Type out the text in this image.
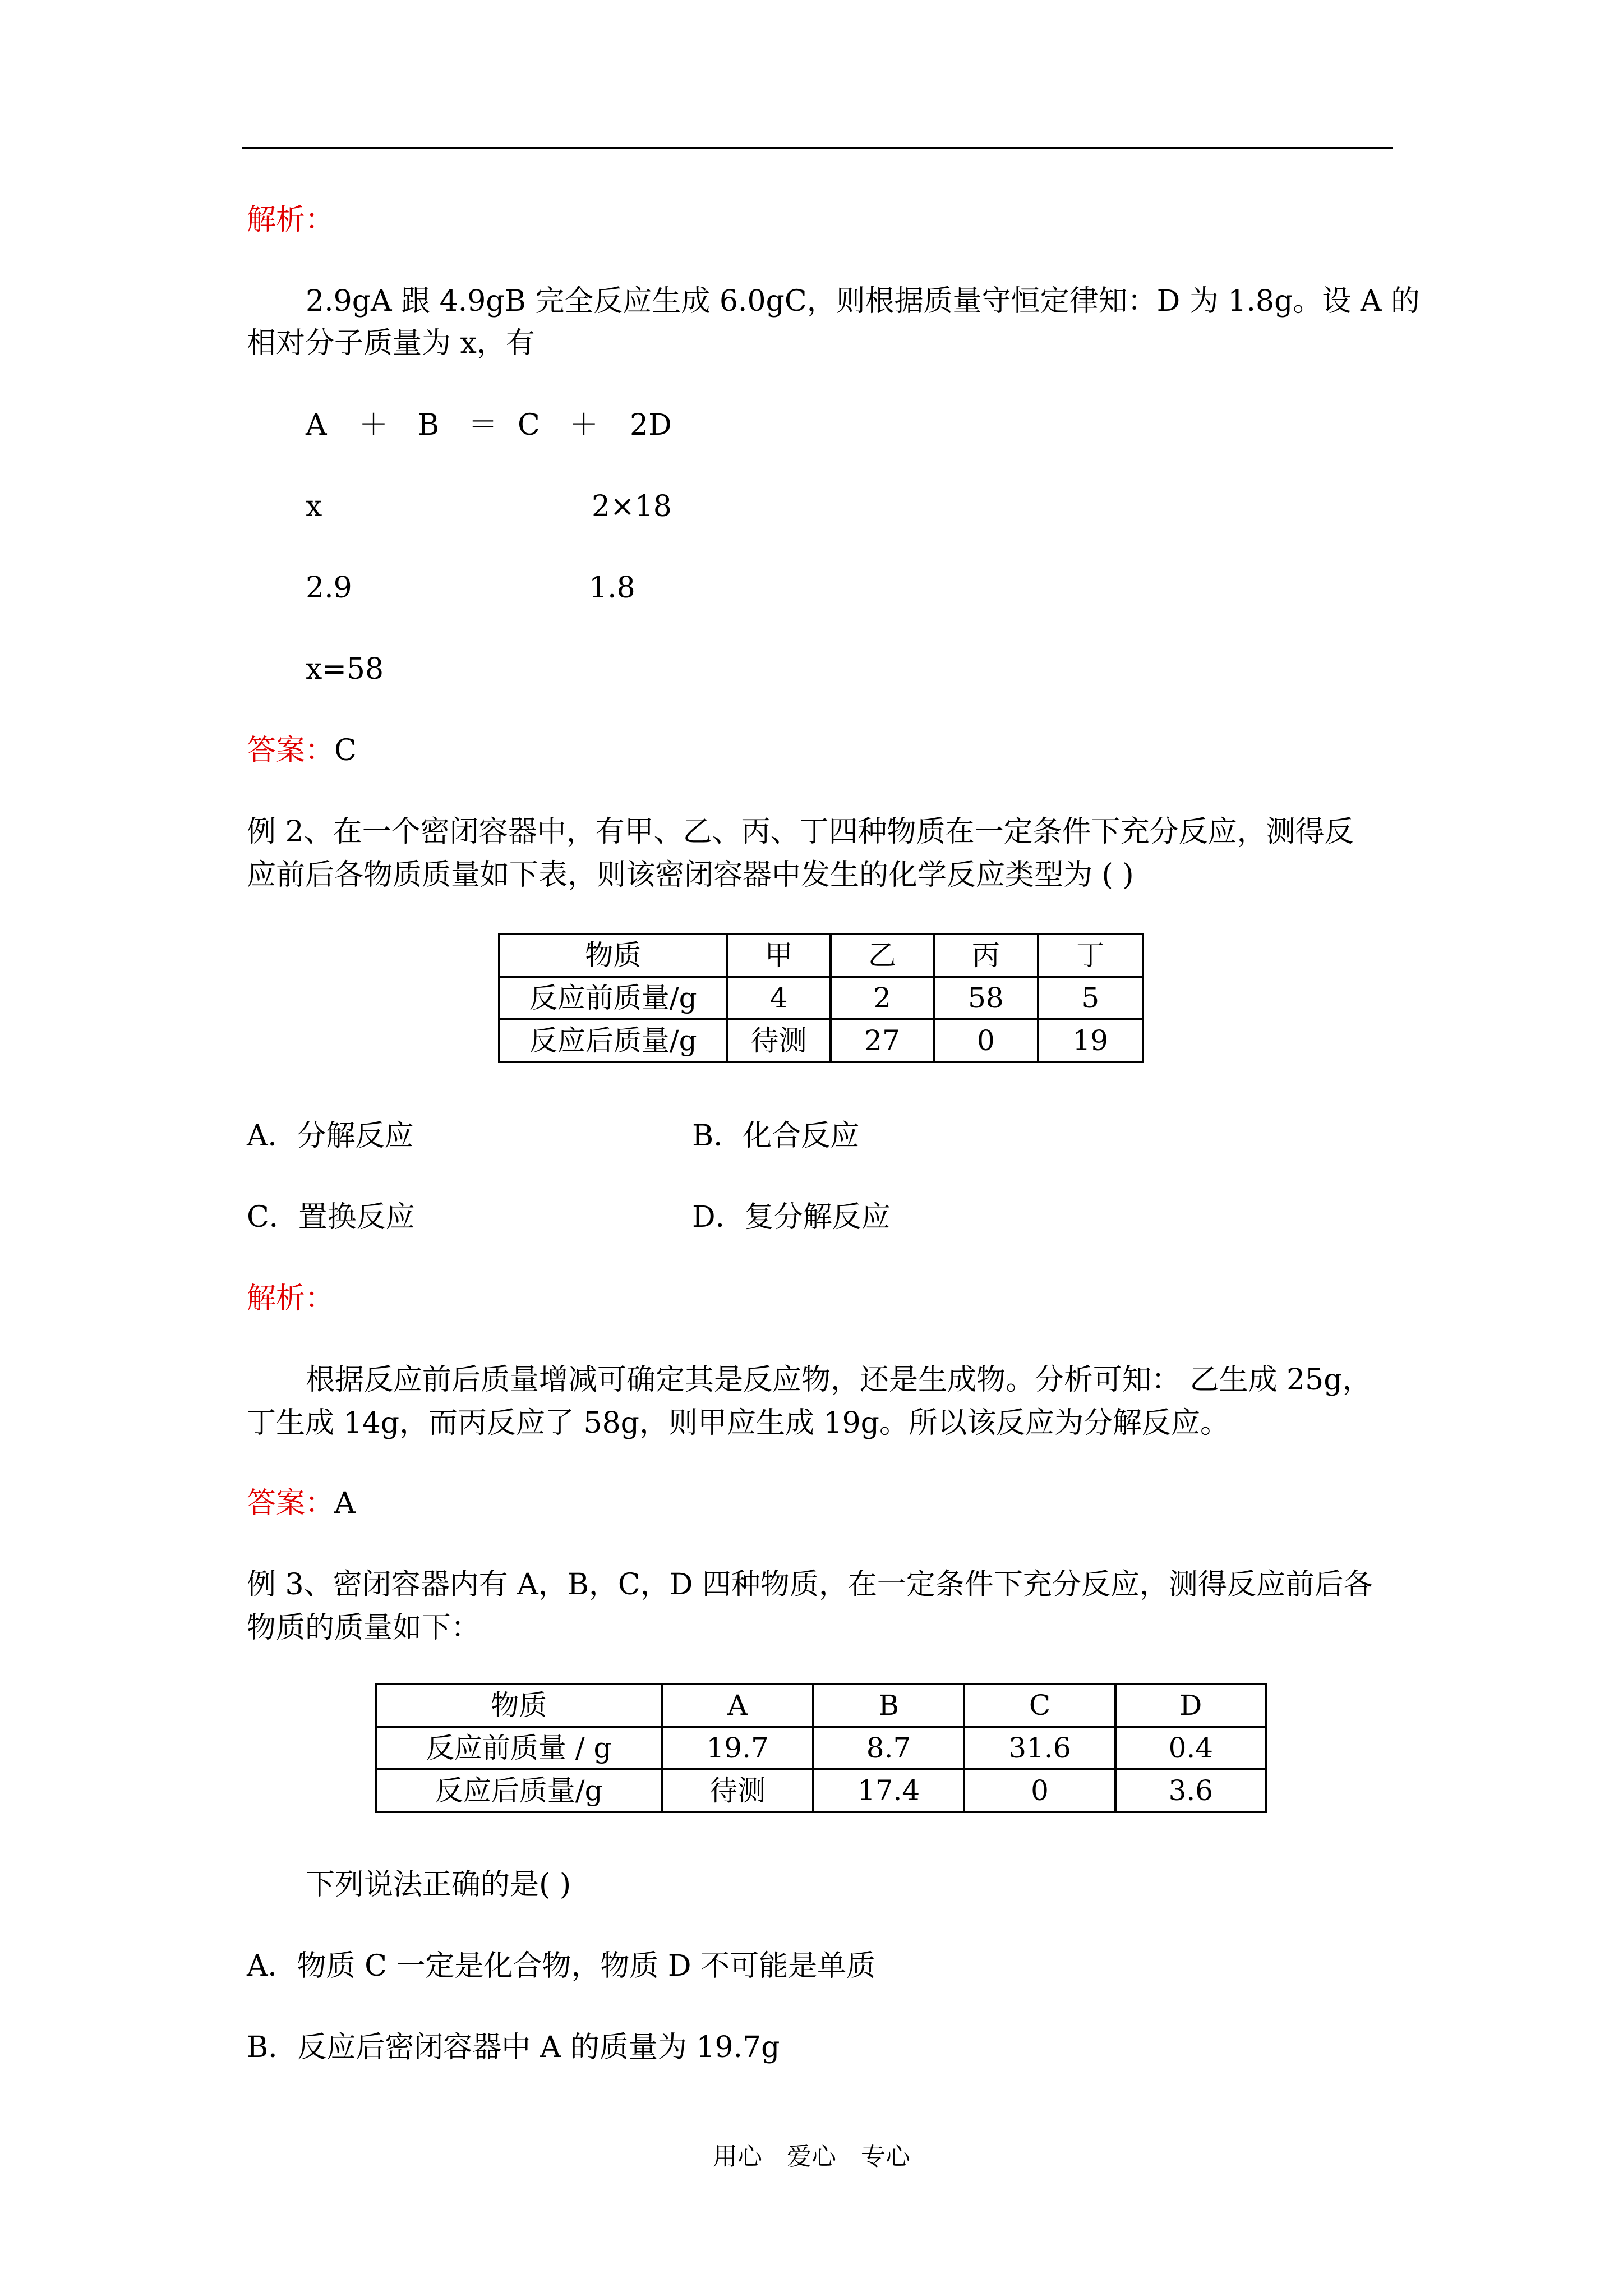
解析：
2.9gA 跟 4.9gB 完全反应生成 6.0gC，则根据质量守恒定律知：D 为 1.8g。设 A 的
相对分子质量为 x，有
A ＋ B ＝ C ＋ 2D
x	2×18
2.9	1.8
x=58
答案：C
例 2、在一个密闭容器中，有甲、乙、丙、丁四种物质在一定条件下充分反应，测得反
应前后各物质质量如下表，则该密闭容器中发生的化学反应类型为 ( )
物质	甲	乙	丙	丁
反应前质量/g	4	2	58	5
反应后质量/g	待测	27	0	19
A．分解反应	B．化合反应
C．置换反应	D．复分解反应
解析：
根据反应前后质量增减可确定其是反应物，还是生成物。分析可知： 乙生成 25g，
丁生成 14g，而丙反应了 58g，则甲应生成 19g。所以该反应为分解反应。
答案：A
例 3、密闭容器内有 A，B，C，D 四种物质，在一定条件下充分反应，测得反应前后各
物质的质量如下：
物质	A	B	C	D
反应前质量 / g	19.7	8.7	31.6	0.4
反应后质量/g	待测	17.4	0	3.6
下列说法正确的是( )
A．物质 C 一定是化合物，物质 D 不可能是单质
B．反应后密闭容器中 A 的质量为 19.7g
用心　爱心　专心
